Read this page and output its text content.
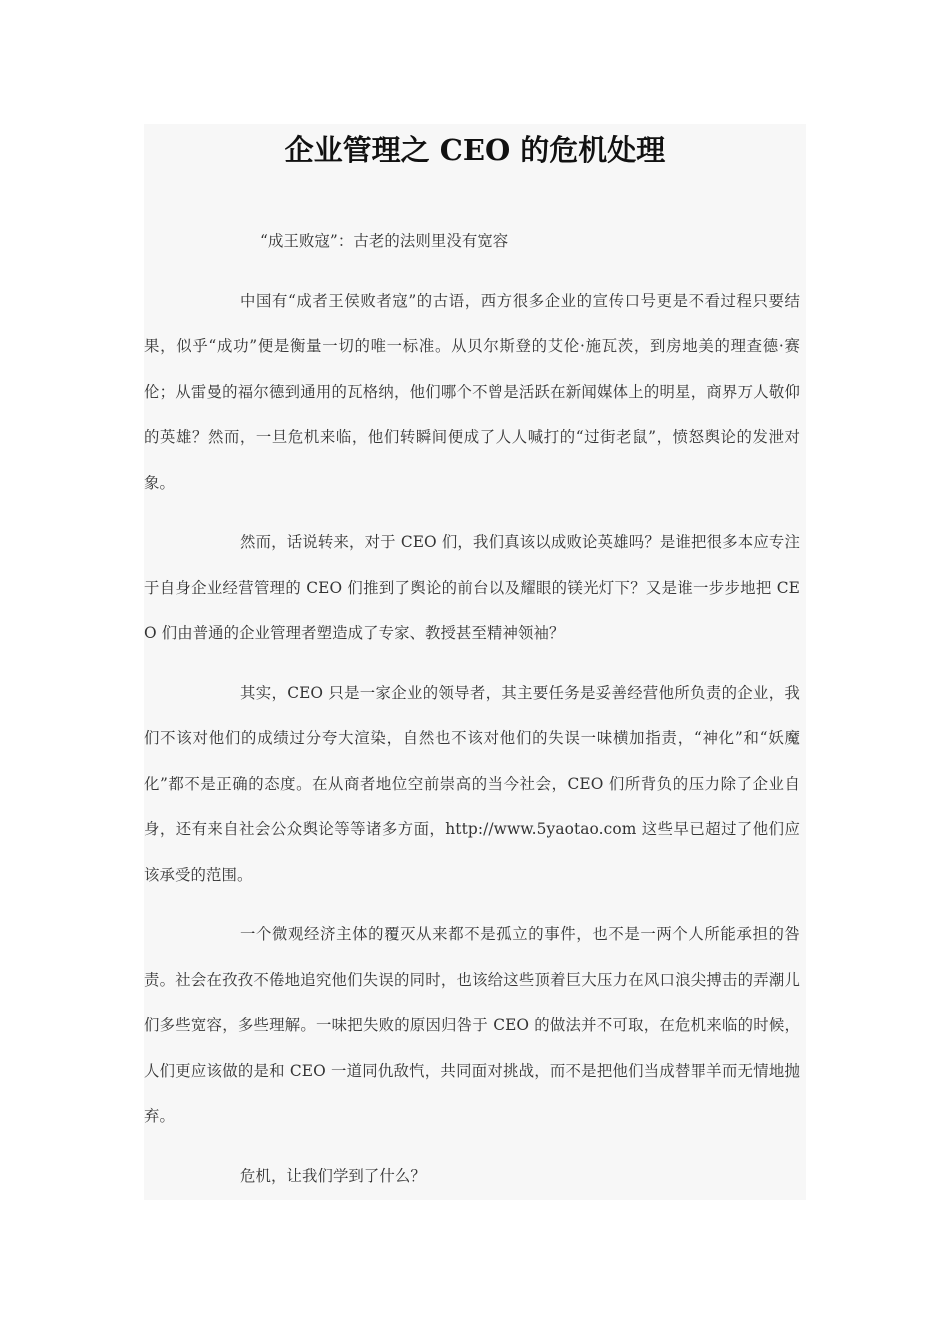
企业管理之 CEO 的危机处理

“成王败寇”：古老的法则里没有宽容

中国有“成者王侯败者寇”的古语，西方很多企业的宣传口号更是不看过程只要结果，似乎“成功”便是衡量一切的唯一标准。从贝尔斯登的艾伦·施瓦茨，到房地美的理查德·赛伦；从雷曼的福尔德到通用的瓦格纳，他们哪个不曾是活跃在新闻媒体上的明星，商界万人敬仰的英雄？然而，一旦危机来临，他们转瞬间便成了人人喊打的“过街老鼠”，愤怒舆论的发泄对象。

然而，话说转来，对于 CEO 们，我们真该以成败论英雄吗？是谁把很多本应专注于自身企业经营管理的 CEO 们推到了舆论的前台以及耀眼的镁光灯下？又是谁一步步地把 CEO 们由普通的企业管理者塑造成了专家、教授甚至精神领袖？

其实，CEO 只是一家企业的领导者，其主要任务是妥善经营他所负责的企业，我们不该对他们的成绩过分夸大渲染，自然也不该对他们的失误一味横加指责，“神化”和“妖魔化”都不是正确的态度。在从商者地位空前崇高的当今社会，CEO 们所背负的压力除了企业自身，还有来自社会公众舆论等等诸多方面，http://www.5yaotao.com 这些早已超过了他们应该承受的范围。

一个微观经济主体的覆灭从来都不是孤立的事件，也不是一两个人所能承担的咎责。社会在孜孜不倦地追究他们失误的同时，也该给这些顶着巨大压力在风口浪尖搏击的弄潮儿们多些宽容，多些理解。一味把失败的原因归咎于 CEO 的做法并不可取，在危机来临的时候，人们更应该做的是和 CEO 一道同仇敌忾，共同面对挑战，而不是把他们当成替罪羊而无情地抛弃。

危机，让我们学到了什么？
